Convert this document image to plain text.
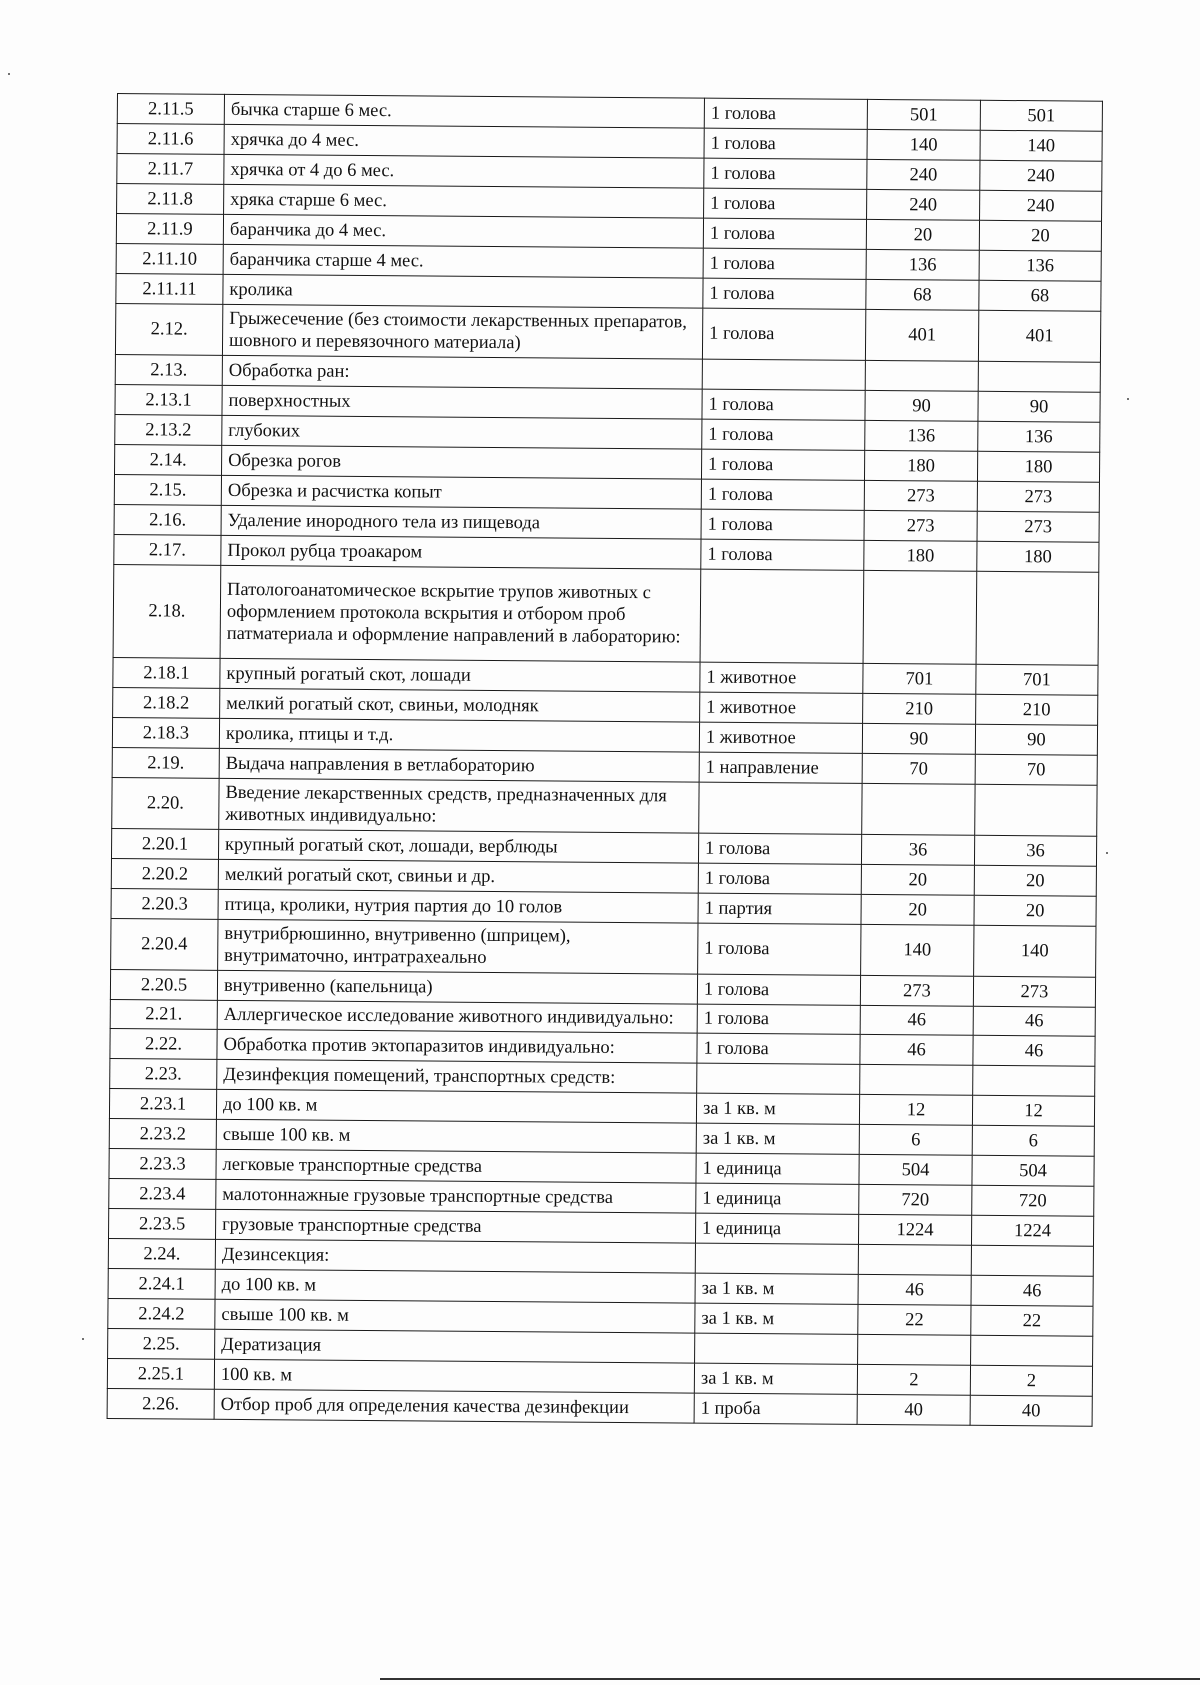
2.11.5	бычка старше 6 мес.	1 голова	501	501
2.11.6	хрячка до 4 мес.	1 голова	140	140
2.11.7	хрячка от 4 до 6 мес.	1 голова	240	240
2.11.8	хряка старше 6 мес.	1 голова	240	240
2.11.9	баранчика до 4 мес.	1 голова	20	20
2.11.10	баранчика старше 4 мес.	1 голова	136	136
2.11.11	кролика	1 голова	68	68
2.12.	Грыжесечение (без стоимости лекарственных препаратов, шовного и перевязочного материала)	1 голова	401	401
2.13.	Обработка ран:			
2.13.1	поверхностных	1 голова	90	90
2.13.2	глубоких	1 голова	136	136
2.14.	Обрезка рогов	1 голова	180	180
2.15.	Обрезка и расчистка копыт	1 голова	273	273
2.16.	Удаление инородного тела из пищевода	1 голова	273	273
2.17.	Прокол рубца троакаром	1 голова	180	180
2.18.	Патологоанатомическое вскрытие трупов животных с оформлением протокола вскрытия и отбором проб патматериала и оформление направлений в лабораторию:			
2.18.1	крупный рогатый скот, лошади	1 животное	701	701
2.18.2	мелкий рогатый скот, свиньи, молодняк	1 животное	210	210
2.18.3	кролика, птицы и т.д.	1 животное	90	90
2.19.	Выдача направления в ветлабораторию	1 направление	70	70
2.20.	Введение лекарственных средств, предназначенных для животных индивидуально:			
2.20.1	крупный рогатый скот, лошади, верблюды	1 голова	36	36
2.20.2	мелкий рогатый скот, свиньи и др.	1 голова	20	20
2.20.3	птица, кролики, нутрия партия до 10 голов	1 партия	20	20
2.20.4	внутрибрюшинно, внутривенно (шприцем), внутриматочно, интратрахеально	1 голова	140	140
2.20.5	внутривенно (капельница)	1 голова	273	273
2.21.	Аллергическое исследование животного индивидуально:	1 голова	46	46
2.22.	Обработка против эктопаразитов индивидуально:	1 голова	46	46
2.23.	Дезинфекция помещений, транспортных средств:			
2.23.1	до 100 кв. м	за 1 кв. м	12	12
2.23.2	свыше 100 кв. м	за 1 кв. м	6	6
2.23.3	легковые транспортные средства	1 единица	504	504
2.23.4	малотоннажные грузовые транспортные средства	1 единица	720	720
2.23.5	грузовые транспортные средства	1 единица	1224	1224
2.24.	Дезинсекция:			
2.24.1	до 100 кв. м	за 1 кв. м	46	46
2.24.2	свыше 100 кв. м	за 1 кв. м	22	22
2.25.	Дератизация			
2.25.1	100 кв. м	за 1 кв. м	2	2
2.26.	Отбор проб для определения качества дезинфекции	1 проба	40	40
